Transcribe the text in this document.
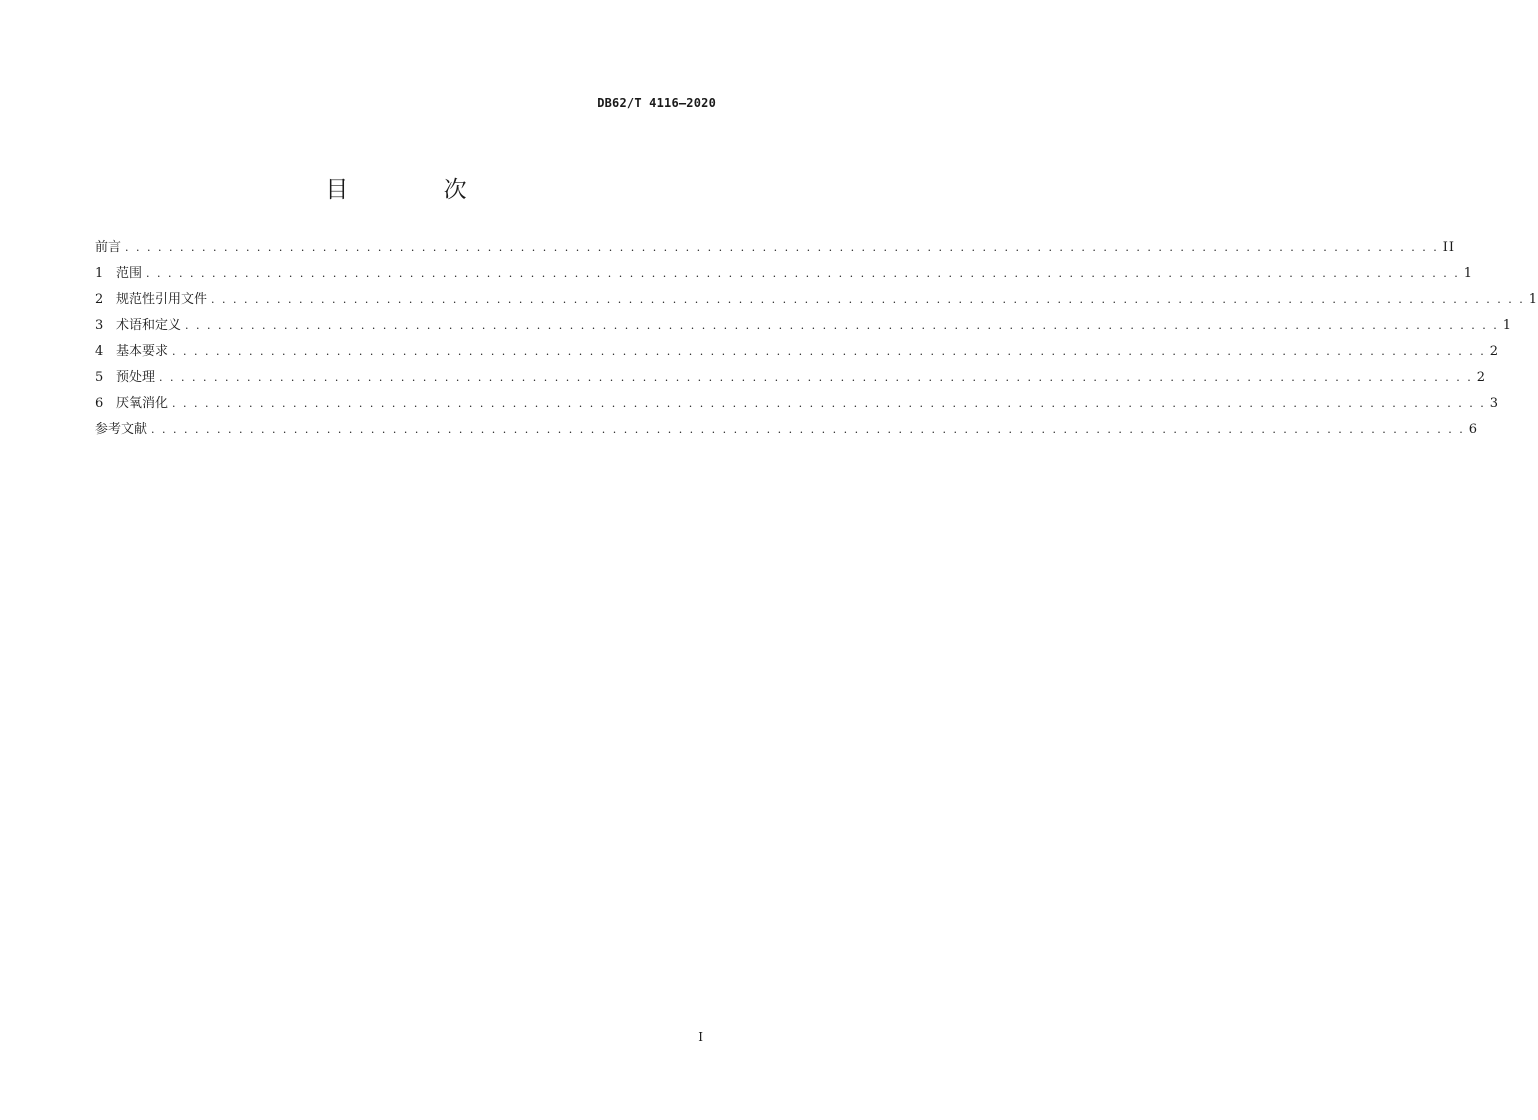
DB62/T 4116—2020
目 次
前言 . . . . . . . . . . . . . . . . . . . . . . . . . . . . . . . . . . . . . . . . . . . . . . . . . . . . . . . . . . . . . . . . . . . . . . . . . . . . . . . . . . . . . . . . . . . . . . . . . . . . . . . . . . . . . . . . . . . . . . . . II
1 范围 . . . . . . . . . . . . . . . . . . . . . . . . . . . . . . . . . . . . . . . . . . . . . . . . . . . . . . . . . . . . . . . . . . . . . . . . . . . . . . . . . . . . . . . . . . . . . . . . . . . . . . . . . . . . . . . . . . . . . . . . 1
2 规范性引用文件 . . . . . . . . . . . . . . . . . . . . . . . . . . . . . . . . . . . . . . . . . . . . . . . . . . . . . . . . . . . . . . . . . . . . . . . . . . . . . . . . . . . . . . . . . . . . . . . . . . . . . . . . . . . . . . . . . . . . . . . . 1
3 术语和定义 . . . . . . . . . . . . . . . . . . . . . . . . . . . . . . . . . . . . . . . . . . . . . . . . . . . . . . . . . . . . . . . . . . . . . . . . . . . . . . . . . . . . . . . . . . . . . . . . . . . . . . . . . . . . . . . . . . . . . . . . 1
4 基本要求 . . . . . . . . . . . . . . . . . . . . . . . . . . . . . . . . . . . . . . . . . . . . . . . . . . . . . . . . . . . . . . . . . . . . . . . . . . . . . . . . . . . . . . . . . . . . . . . . . . . . . . . . . . . . . . . . . . . . . . . . 2
5 预处理 . . . . . . . . . . . . . . . . . . . . . . . . . . . . . . . . . . . . . . . . . . . . . . . . . . . . . . . . . . . . . . . . . . . . . . . . . . . . . . . . . . . . . . . . . . . . . . . . . . . . . . . . . . . . . . . . . . . . . . . . 2
6 厌氧消化 . . . . . . . . . . . . . . . . . . . . . . . . . . . . . . . . . . . . . . . . . . . . . . . . . . . . . . . . . . . . . . . . . . . . . . . . . . . . . . . . . . . . . . . . . . . . . . . . . . . . . . . . . . . . . . . . . . . . . . . . 3
参考文献 . . . . . . . . . . . . . . . . . . . . . . . . . . . . . . . . . . . . . . . . . . . . . . . . . . . . . . . . . . . . . . . . . . . . . . . . . . . . . . . . . . . . . . . . . . . . . . . . . . . . . . . . . . . . . . . . . . . . . . . . 6
I
